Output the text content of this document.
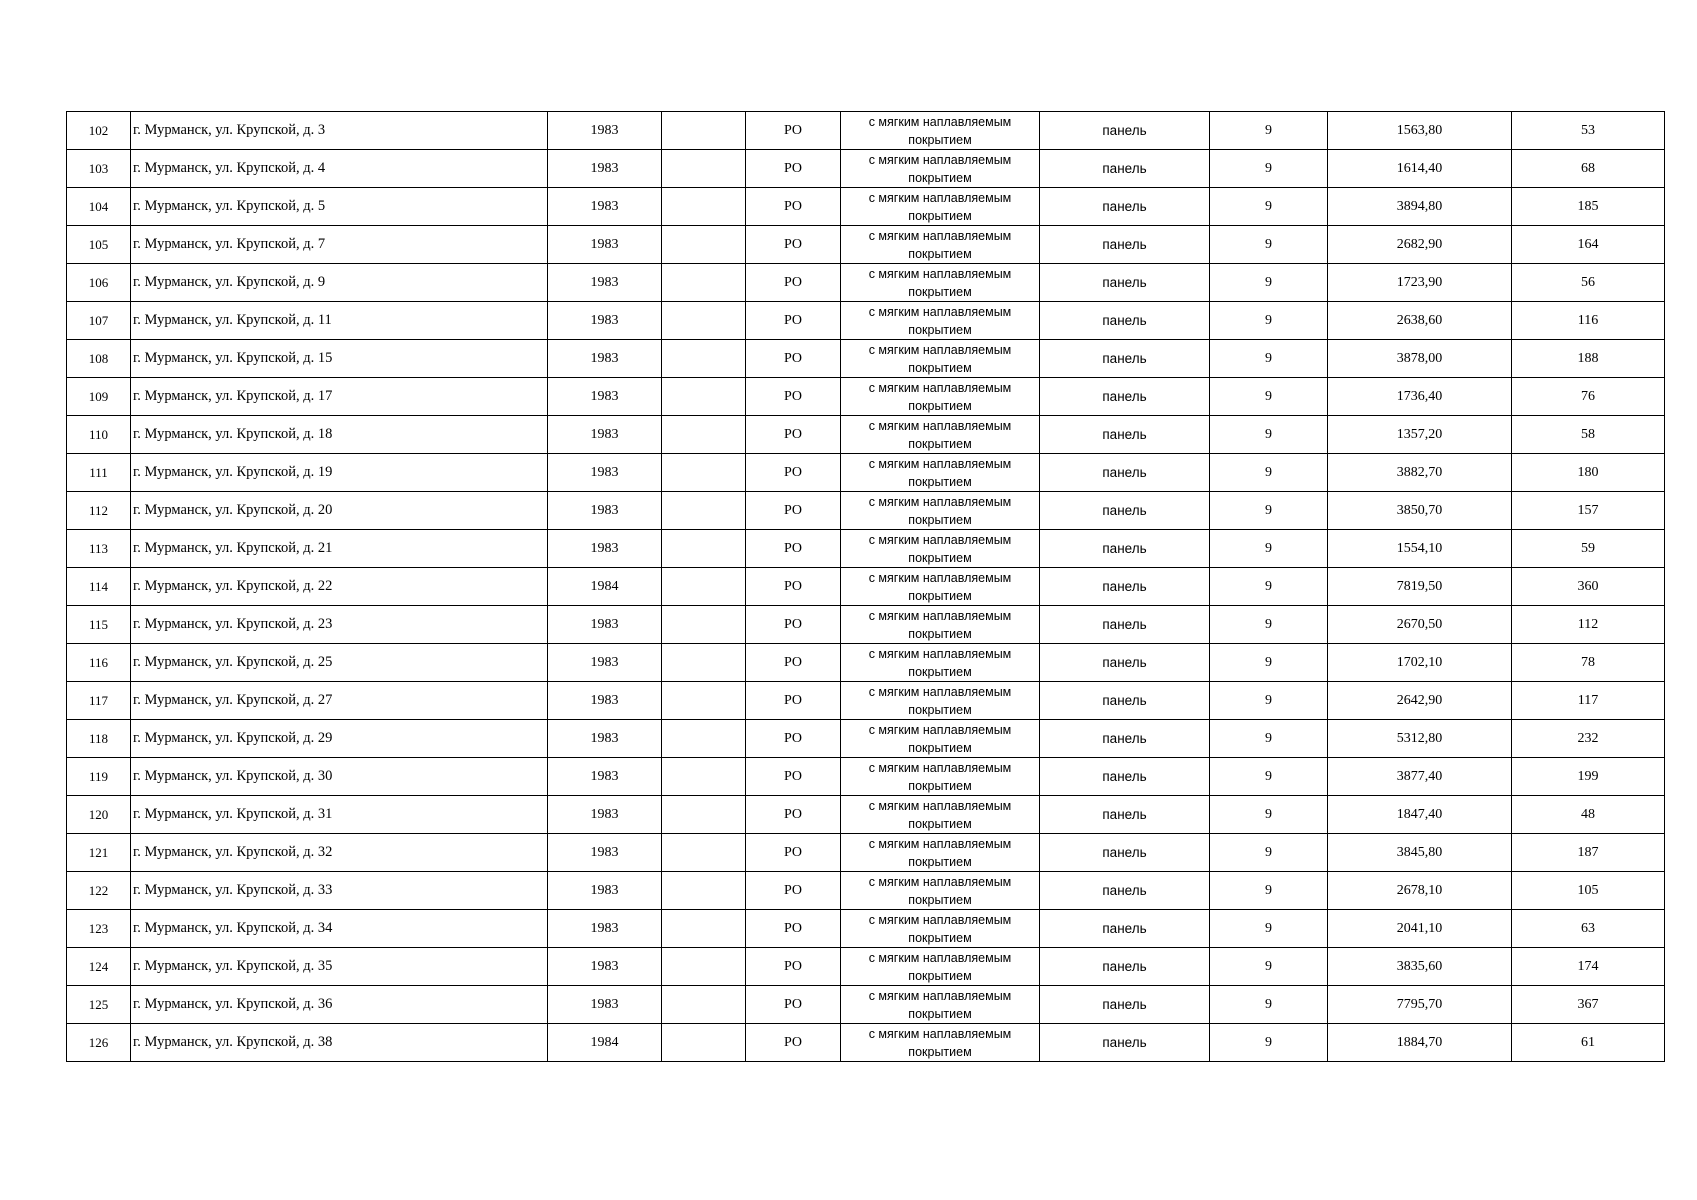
102	г. Мурманск, ул. Крупской, д. 3	1983		РО	с мягким наплавляемым покрытием	панель	9	1563,80	53
103	г. Мурманск, ул. Крупской, д. 4	1983		РО	с мягким наплавляемым покрытием	панель	9	1614,40	68
104	г. Мурманск, ул. Крупской, д. 5	1983		РО	с мягким наплавляемым покрытием	панель	9	3894,80	185
105	г. Мурманск, ул. Крупской, д. 7	1983		РО	с мягким наплавляемым покрытием	панель	9	2682,90	164
106	г. Мурманск, ул. Крупской, д. 9	1983		РО	с мягким наплавляемым покрытием	панель	9	1723,90	56
107	г. Мурманск, ул. Крупской, д. 11	1983		РО	с мягким наплавляемым покрытием	панель	9	2638,60	116
108	г. Мурманск, ул. Крупской, д. 15	1983		РО	с мягким наплавляемым покрытием	панель	9	3878,00	188
109	г. Мурманск, ул. Крупской, д. 17	1983		РО	с мягким наплавляемым покрытием	панель	9	1736,40	76
110	г. Мурманск, ул. Крупской, д. 18	1983		РО	с мягким наплавляемым покрытием	панель	9	1357,20	58
111	г. Мурманск, ул. Крупской, д. 19	1983		РО	с мягким наплавляемым покрытием	панель	9	3882,70	180
112	г. Мурманск, ул. Крупской, д. 20	1983		РО	с мягким наплавляемым покрытием	панель	9	3850,70	157
113	г. Мурманск, ул. Крупской, д. 21	1983		РО	с мягким наплавляемым покрытием	панель	9	1554,10	59
114	г. Мурманск, ул. Крупской, д. 22	1984		РО	с мягким наплавляемым покрытием	панель	9	7819,50	360
115	г. Мурманск, ул. Крупской, д. 23	1983		РО	с мягким наплавляемым покрытием	панель	9	2670,50	112
116	г. Мурманск, ул. Крупской, д. 25	1983		РО	с мягким наплавляемым покрытием	панель	9	1702,10	78
117	г. Мурманск, ул. Крупской, д. 27	1983		РО	с мягким наплавляемым покрытием	панель	9	2642,90	117
118	г. Мурманск, ул. Крупской, д. 29	1983		РО	с мягким наплавляемым покрытием	панель	9	5312,80	232
119	г. Мурманск, ул. Крупской, д. 30	1983		РО	с мягким наплавляемым покрытием	панель	9	3877,40	199
120	г. Мурманск, ул. Крупской, д. 31	1983		РО	с мягким наплавляемым покрытием	панель	9	1847,40	48
121	г. Мурманск, ул. Крупской, д. 32	1983		РО	с мягким наплавляемым покрытием	панель	9	3845,80	187
122	г. Мурманск, ул. Крупской, д. 33	1983		РО	с мягким наплавляемым покрытием	панель	9	2678,10	105
123	г. Мурманск, ул. Крупской, д. 34	1983		РО	с мягким наплавляемым покрытием	панель	9	2041,10	63
124	г. Мурманск, ул. Крупской, д. 35	1983		РО	с мягким наплавляемым покрытием	панель	9	3835,60	174
125	г. Мурманск, ул. Крупской, д. 36	1983		РО	с мягким наплавляемым покрытием	панель	9	7795,70	367
126	г. Мурманск, ул. Крупской, д. 38	1984		РО	с мягким наплавляемым покрытием	панель	9	1884,70	61
